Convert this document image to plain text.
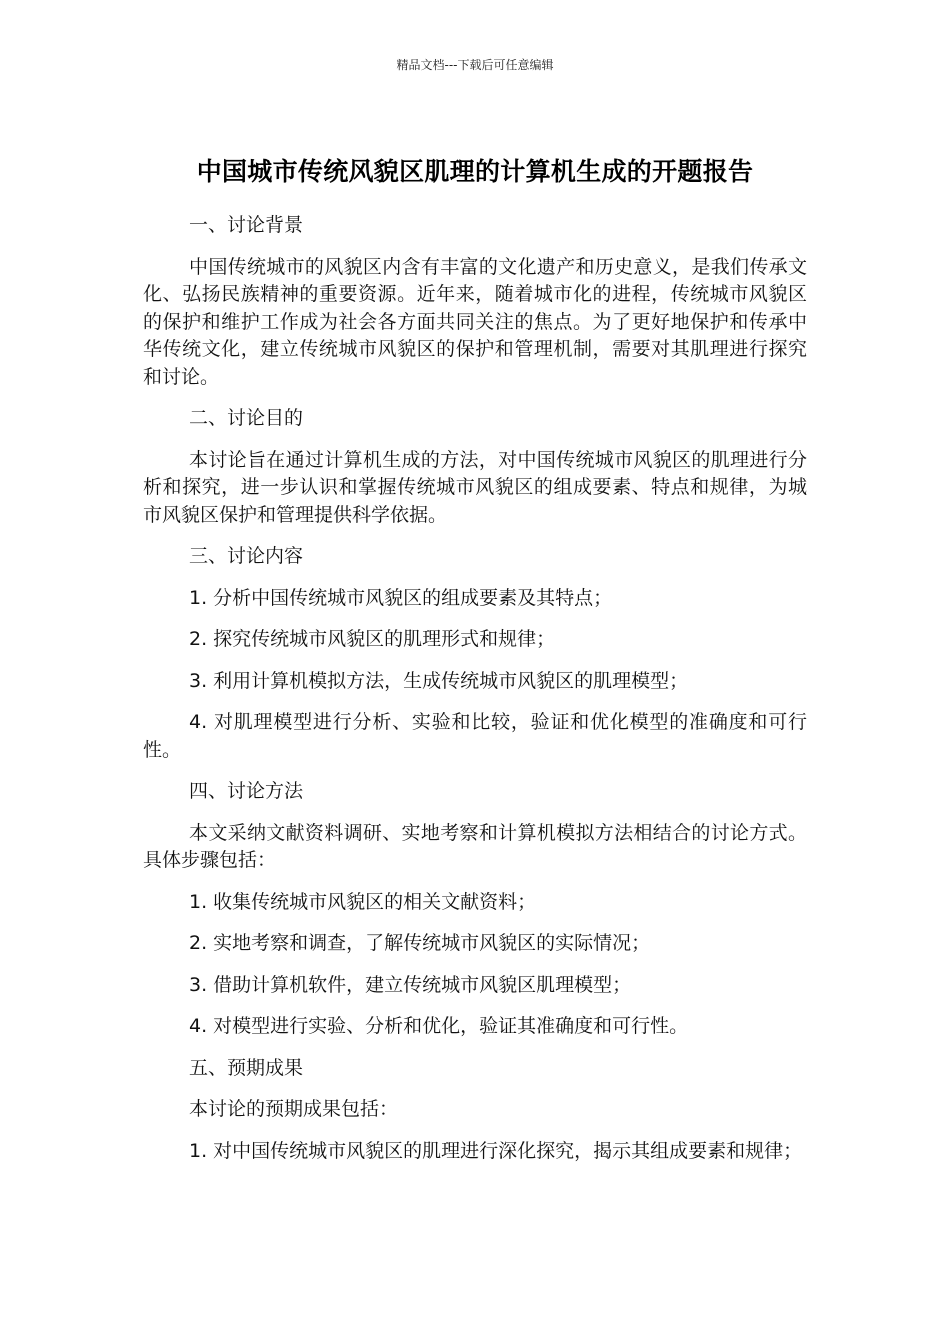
精品文档---下载后可任意编辑
中国城市传统风貌区肌理的计算机生成的开题报告

一、讨论背景

中国传统城市的风貌区内含有丰富的文化遗产和历史意义，是我们传承文化、弘扬民族精神的重要资源。近年来，随着城市化的进程，传统城市风貌区的保护和维护工作成为社会各方面共同关注的焦点。为了更好地保护和传承中华传统文化，建立传统城市风貌区的保护和管理机制，需要对其肌理进行探究和讨论。

二、讨论目的

本讨论旨在通过计算机生成的方法，对中国传统城市风貌区的肌理进行分析和探究，进一步认识和掌握传统城市风貌区的组成要素、特点和规律，为城市风貌区保护和管理提供科学依据。

三、讨论内容

1. 分析中国传统城市风貌区的组成要素及其特点；

2. 探究传统城市风貌区的肌理形式和规律；

3. 利用计算机模拟方法，生成传统城市风貌区的肌理模型；

4. 对肌理模型进行分析、实验和比较，验证和优化模型的准确度和可行性。

四、讨论方法

本文采纳文献资料调研、实地考察和计算机模拟方法相结合的讨论方式。具体步骤包括：

1. 收集传统城市风貌区的相关文献资料；

2. 实地考察和调查，了解传统城市风貌区的实际情况；

3. 借助计算机软件，建立传统城市风貌区肌理模型；

4. 对模型进行实验、分析和优化，验证其准确度和可行性。

五、预期成果

本讨论的预期成果包括：

1. 对中国传统城市风貌区的肌理进行深化探究，揭示其组成要素和规律；
